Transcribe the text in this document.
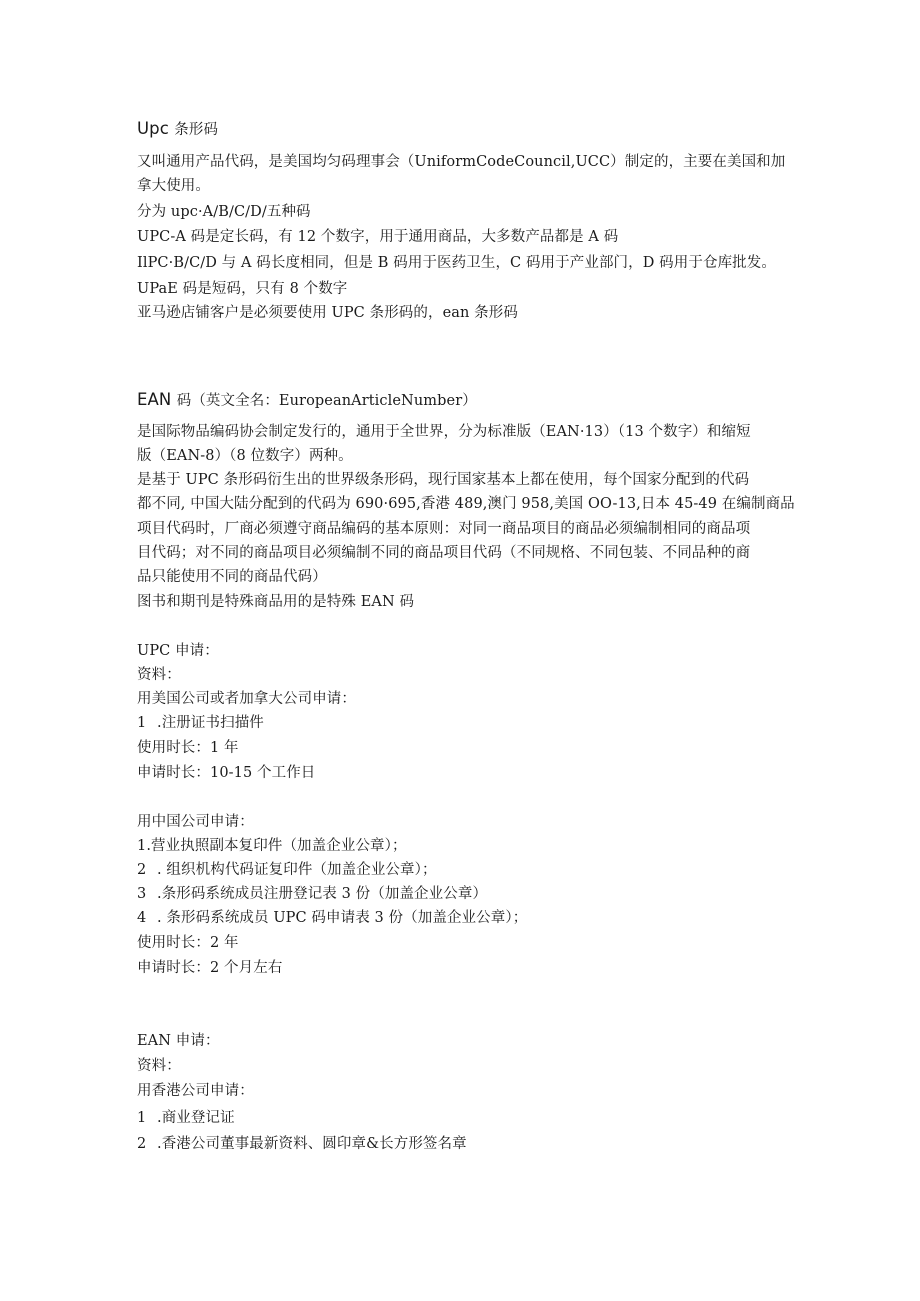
Upc 条形码
又叫通用产品代码，是美国均匀码理事会（UniformCodeCouncil,UCC）制定的，主要在美国和加
拿大使用。
分为 upc·A∕B∕C∕D∕五种码
UPC-A 码是定长码，有 12 个数字，用于通用商品，大多数产品都是 A 码
IlPC·B∕C∕D 与 A 码长度相同，但是 B 码用于医药卫生，C 码用于产业部门，D 码用于仓库批发。
UPaE 码是短码，只有 8 个数字
亚马逊店铺客户是必须要使用 UPC 条形码的，ean 条形码
EAN 码（英文全名：EuropeanArticleNumber）
是国际物品编码协会制定发行的，通用于全世界，分为标准版（EAN·13）（13 个数字）和缩短
版（EAN-8）（8 位数字）两种。
是基于 UPC 条形码衍生出的世界级条形码，现行国家基本上都在使用，每个国家分配到的代码
都不同, 中国大陆分配到的代码为 690·695,香港 489,澳门 958,美国 OO-13,日本 45-49 在编制商品
项目代码时，厂商必须遵守商品编码的基本原则：对同一商品项目的商品必须编制相同的商品项
目代码；对不同的商品项目必须编制不同的商品项目代码（不同规格、不同包装、不同品种的商
品只能使用不同的商品代码）
图书和期刊是特殊商品用的是特殊 EAN 码
UPC 申请：
资料：
用美国公司或者加拿大公司申请：
1 .注册证书扫描件
使用时长：1 年
申请时长：10-15 个工作日
用中国公司申请：
1.营业执照副本复印件（加盖企业公章）；
2 . 组织机构代码证复印件（加盖企业公章）；
3 .条形码系统成员注册登记表 3 份（加盖企业公章）
4 . 条形码系统成员 UPC 码申请表 3 份（加盖企业公章）；
使用时长：2 年
申请时长：2 个月左右
EAN 申请：
资料：
用香港公司申请：
1 .商业登记证
2 .香港公司董事最新资料、圆印章&长方形签名章
